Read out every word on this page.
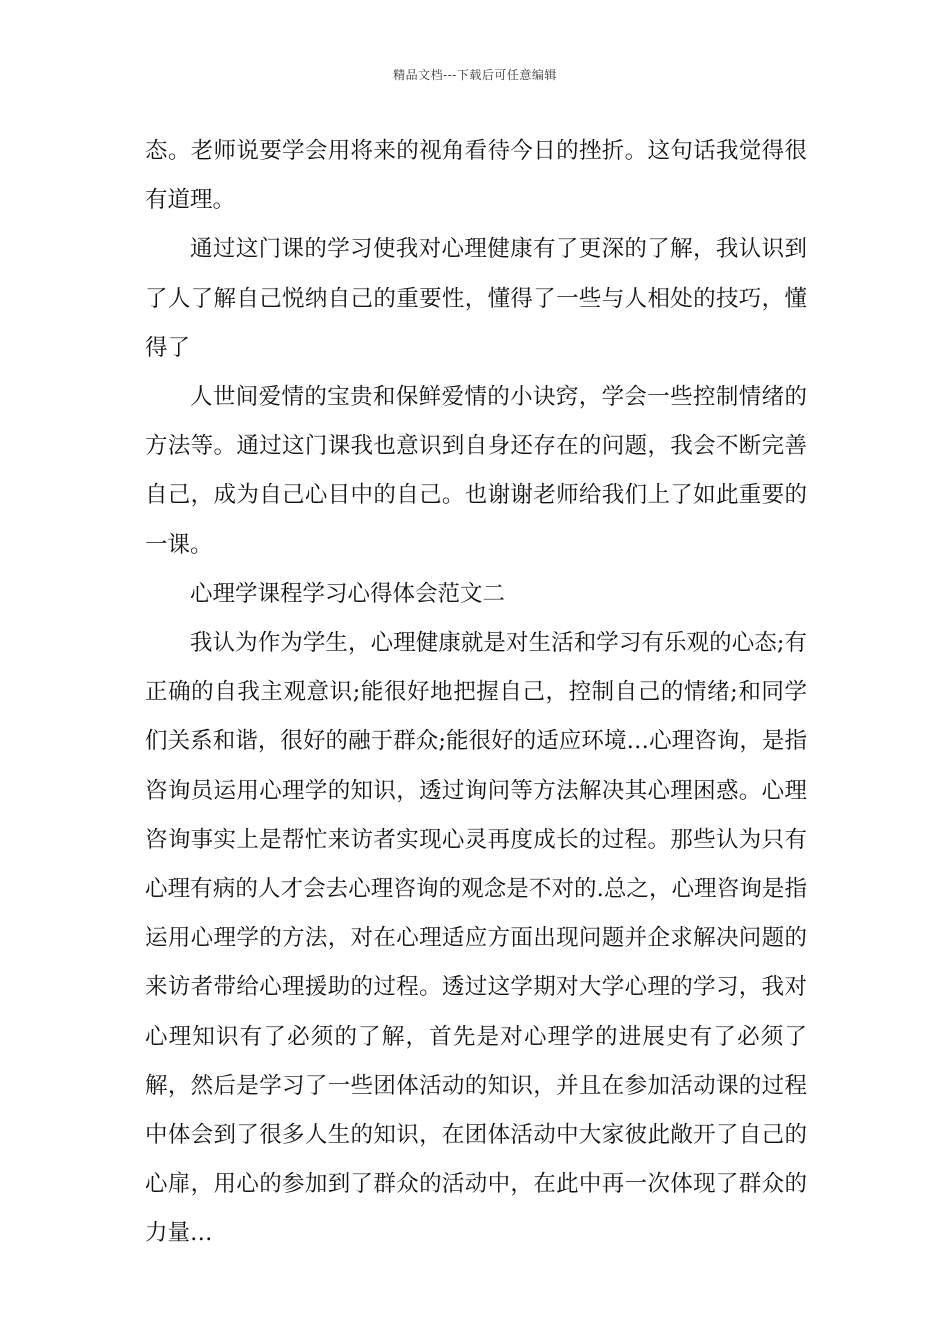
精品文档---下载后可任意编辑

态。老师说要学会用将来的视角看待今日的挫折。这句话我觉得很有道理。

通过这门课的学习使我对心理健康有了更深的了解，我认识到了人了解自己悦纳自己的重要性，懂得了一些与人相处的技巧，懂得了

人世间爱情的宝贵和保鲜爱情的小诀窍，学会一些控制情绪的方法等。通过这门课我也意识到自身还存在的问题，我会不断完善自己，成为自己心目中的自己。也谢谢老师给我们上了如此重要的一课。

心理学课程学习心得体会范文二

我认为作为学生，心理健康就是对生活和学习有乐观的心态;有正确的自我主观意识;能很好地把握自己，控制自己的情绪;和同学们关系和谐，很好的融于群众;能很好的适应环境…心理咨询，是指咨询员运用心理学的知识，透过询问等方法解决其心理困惑。心理咨询事实上是帮忙来访者实现心灵再度成长的过程。那些认为只有心理有病的人才会去心理咨询的观念是不对的.总之，心理咨询是指运用心理学的方法，对在心理适应方面出现问题并企求解决问题的来访者带给心理援助的过程。透过这学期对大学心理的学习，我对心理知识有了必须的了解，首先是对心理学的进展史有了必须了解，然后是学习了一些团体活动的知识，并且在参加活动课的过程中体会到了很多人生的知识，在团体活动中大家彼此敞开了自己的心扉，用心的参加到了群众的活动中，在此中再一次体现了群众的力量…
